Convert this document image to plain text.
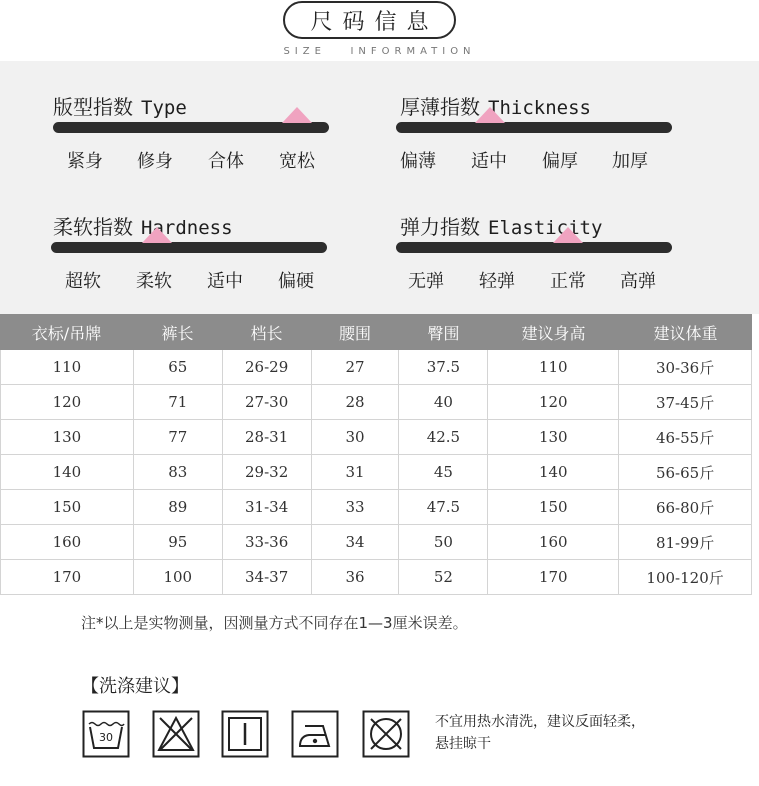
尺码信息
SIZE   INFORMATION
版型指数 Type
紧身 修身 合体 宽松
厚薄指数 Thickness
偏薄 适中 偏厚 加厚
柔软指数 Hardness
超软 柔软 适中 偏硬
弹力指数 Elasticity
无弹 轻弹 正常 高弹
衣标/吊牌	裤长	档长	腰围	臀围	建议身高	建议体重
110	65	26-29	27	37.5	110	30-36斤
120	71	27-30	28	40	120	37-45斤
130	77	28-31	30	42.5	130	46-55斤
140	83	29-32	31	45	140	56-65斤
150	89	31-34	33	47.5	150	66-80斤
160	95	33-36	34	50	160	81-99斤
170	100	34-37	36	52	170	100-120斤
注*以上是实物测量，因测量方式不同存在1—3厘米误差。
【洗涤建议】
30
不宜用热水清洗，建议反面轻柔，
悬挂晾干
